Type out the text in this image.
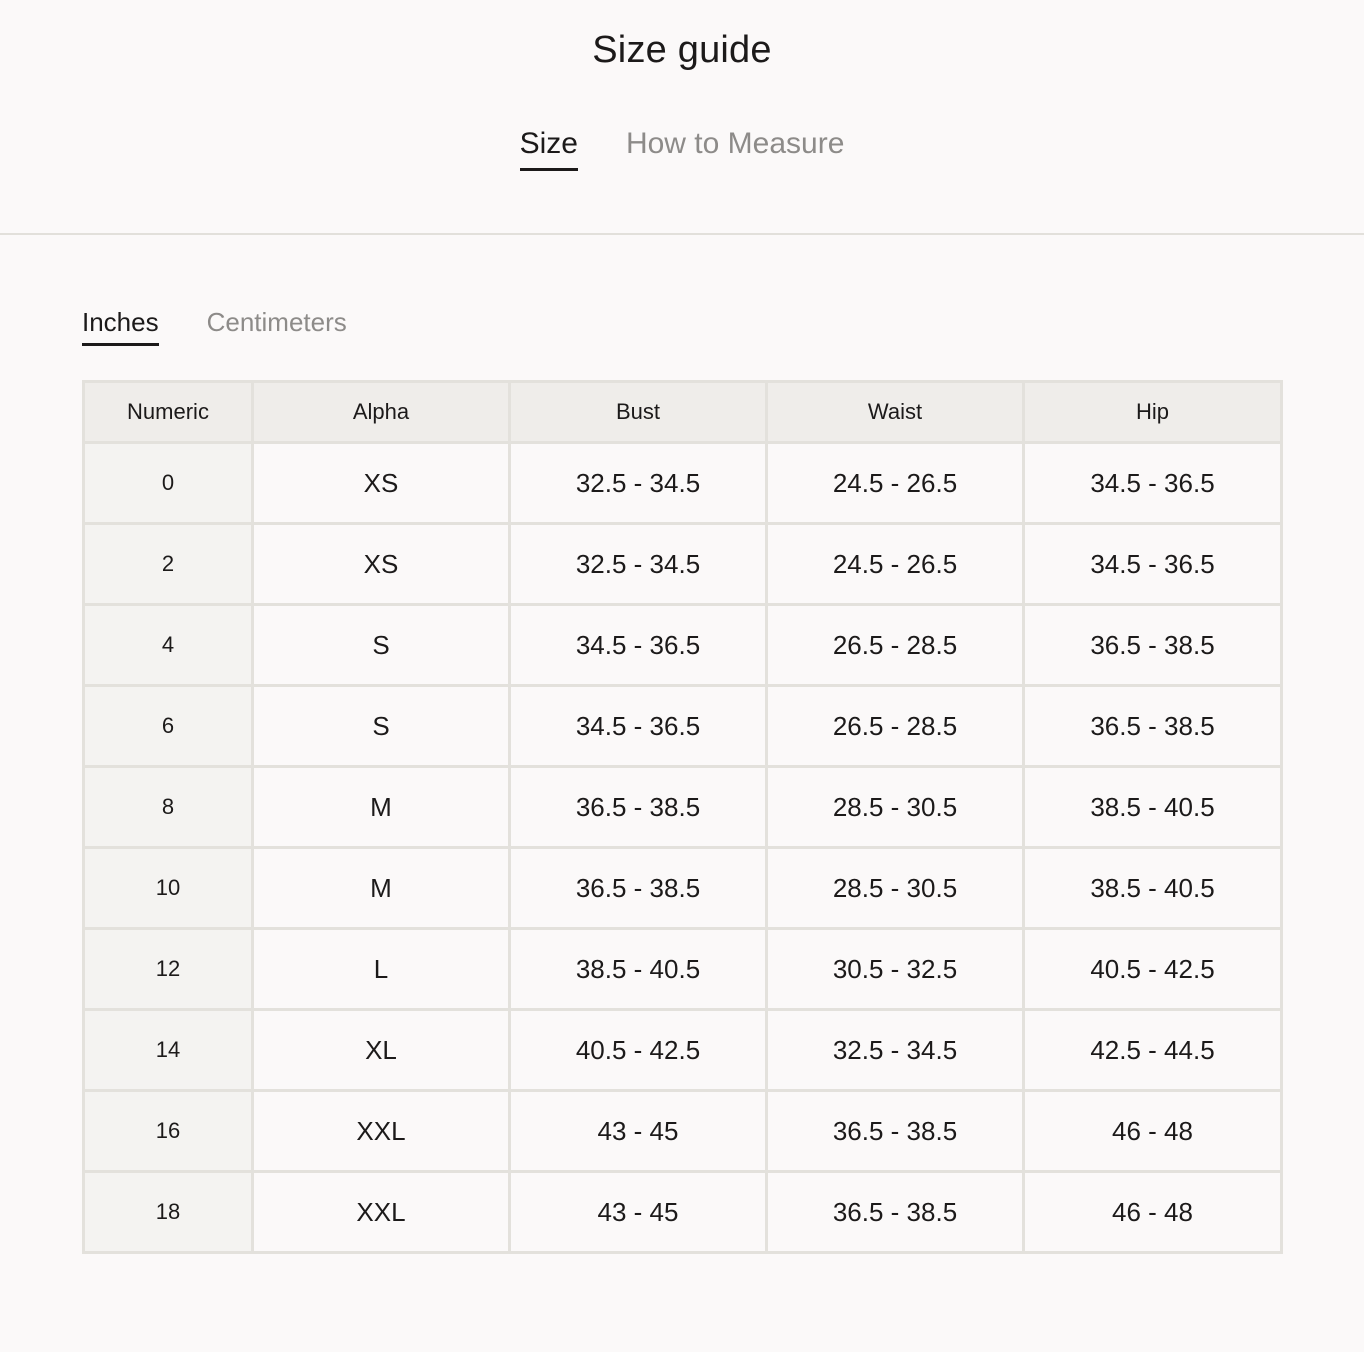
Size guide
Size How to Measure
Inches Centimeters
Numeric	Alpha	Bust	Waist	Hip
0	XS	32.5 - 34.5	24.5 - 26.5	34.5 - 36.5
2	XS	32.5 - 34.5	24.5 - 26.5	34.5 - 36.5
4	S	34.5 - 36.5	26.5 - 28.5	36.5 - 38.5
6	S	34.5 - 36.5	26.5 - 28.5	36.5 - 38.5
8	M	36.5 - 38.5	28.5 - 30.5	38.5 - 40.5
10	M	36.5 - 38.5	28.5 - 30.5	38.5 - 40.5
12	L	38.5 - 40.5	30.5 - 32.5	40.5 - 42.5
14	XL	40.5 - 42.5	32.5 - 34.5	42.5 - 44.5
16	XXL	43 - 45	36.5 - 38.5	46 - 48
18	XXL	43 - 45	36.5 - 38.5	46 - 48
